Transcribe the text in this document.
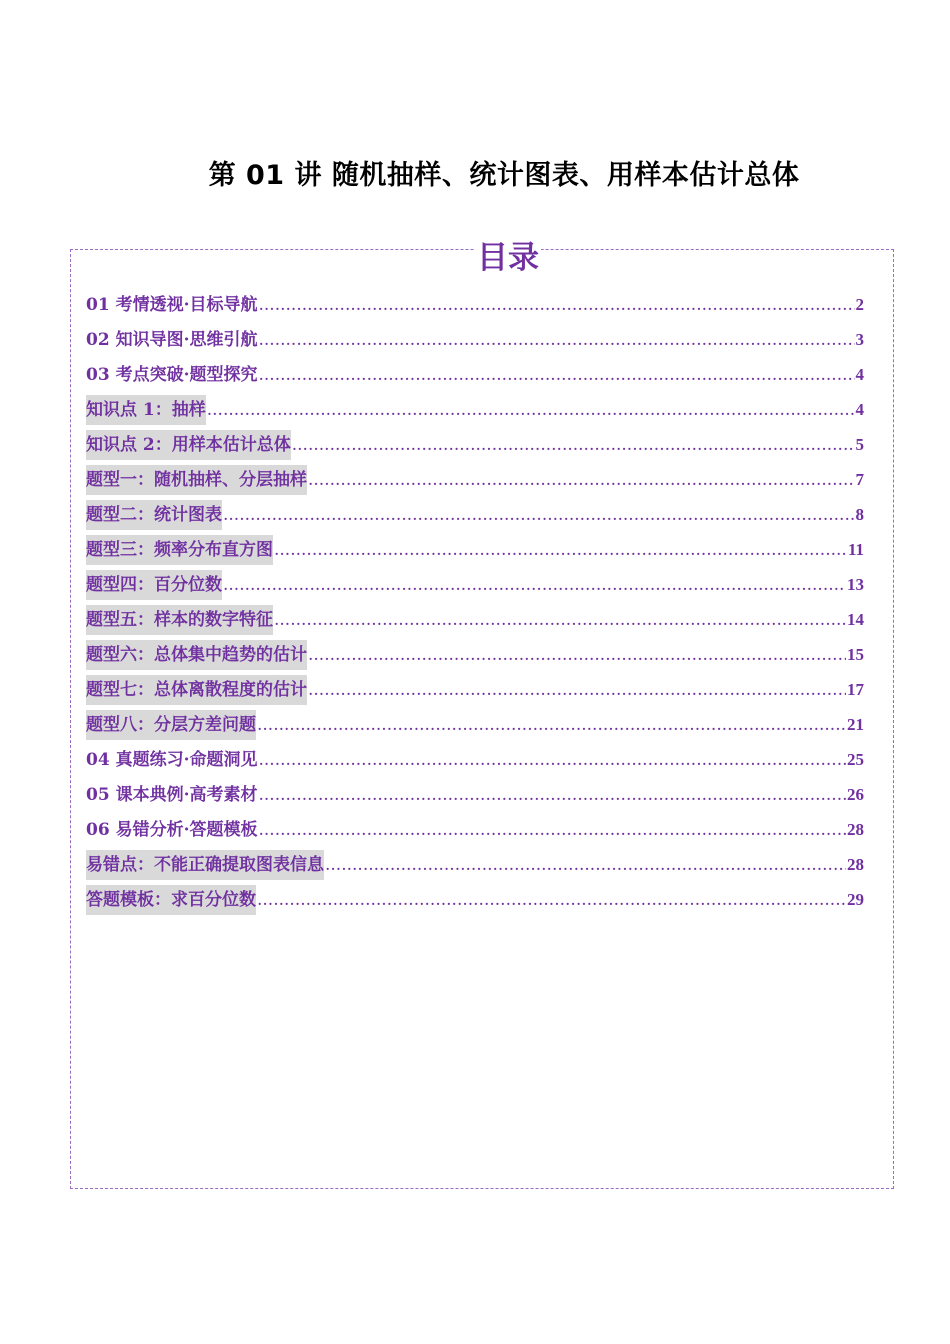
第 01 讲 随机抽样、统计图表、用样本估计总体
目录
01 考情透视·目标导航 .....	2
02 知识导图·思维引航 .....	3
03 考点突破·题型探究 .....	4
知识点 1：抽样 .....	4
知识点 2：用样本估计总体 .....	5
题型一：随机抽样、分层抽样 .....	7
题型二：统计图表 .....	8
题型三：频率分布直方图 .....	11
题型四：百分位数 .....	13
题型五：样本的数字特征 .....	14
题型六：总体集中趋势的估计 .....	15
题型七：总体离散程度的估计 .....	17
题型八：分层方差问题 .....	21
04 真题练习·命题洞见 .....	25
05 课本典例·高考素材 .....	26
06 易错分析·答题模板 .....	28
易错点：不能正确提取图表信息 .....	28
答题模板：求百分位数 .....	29
